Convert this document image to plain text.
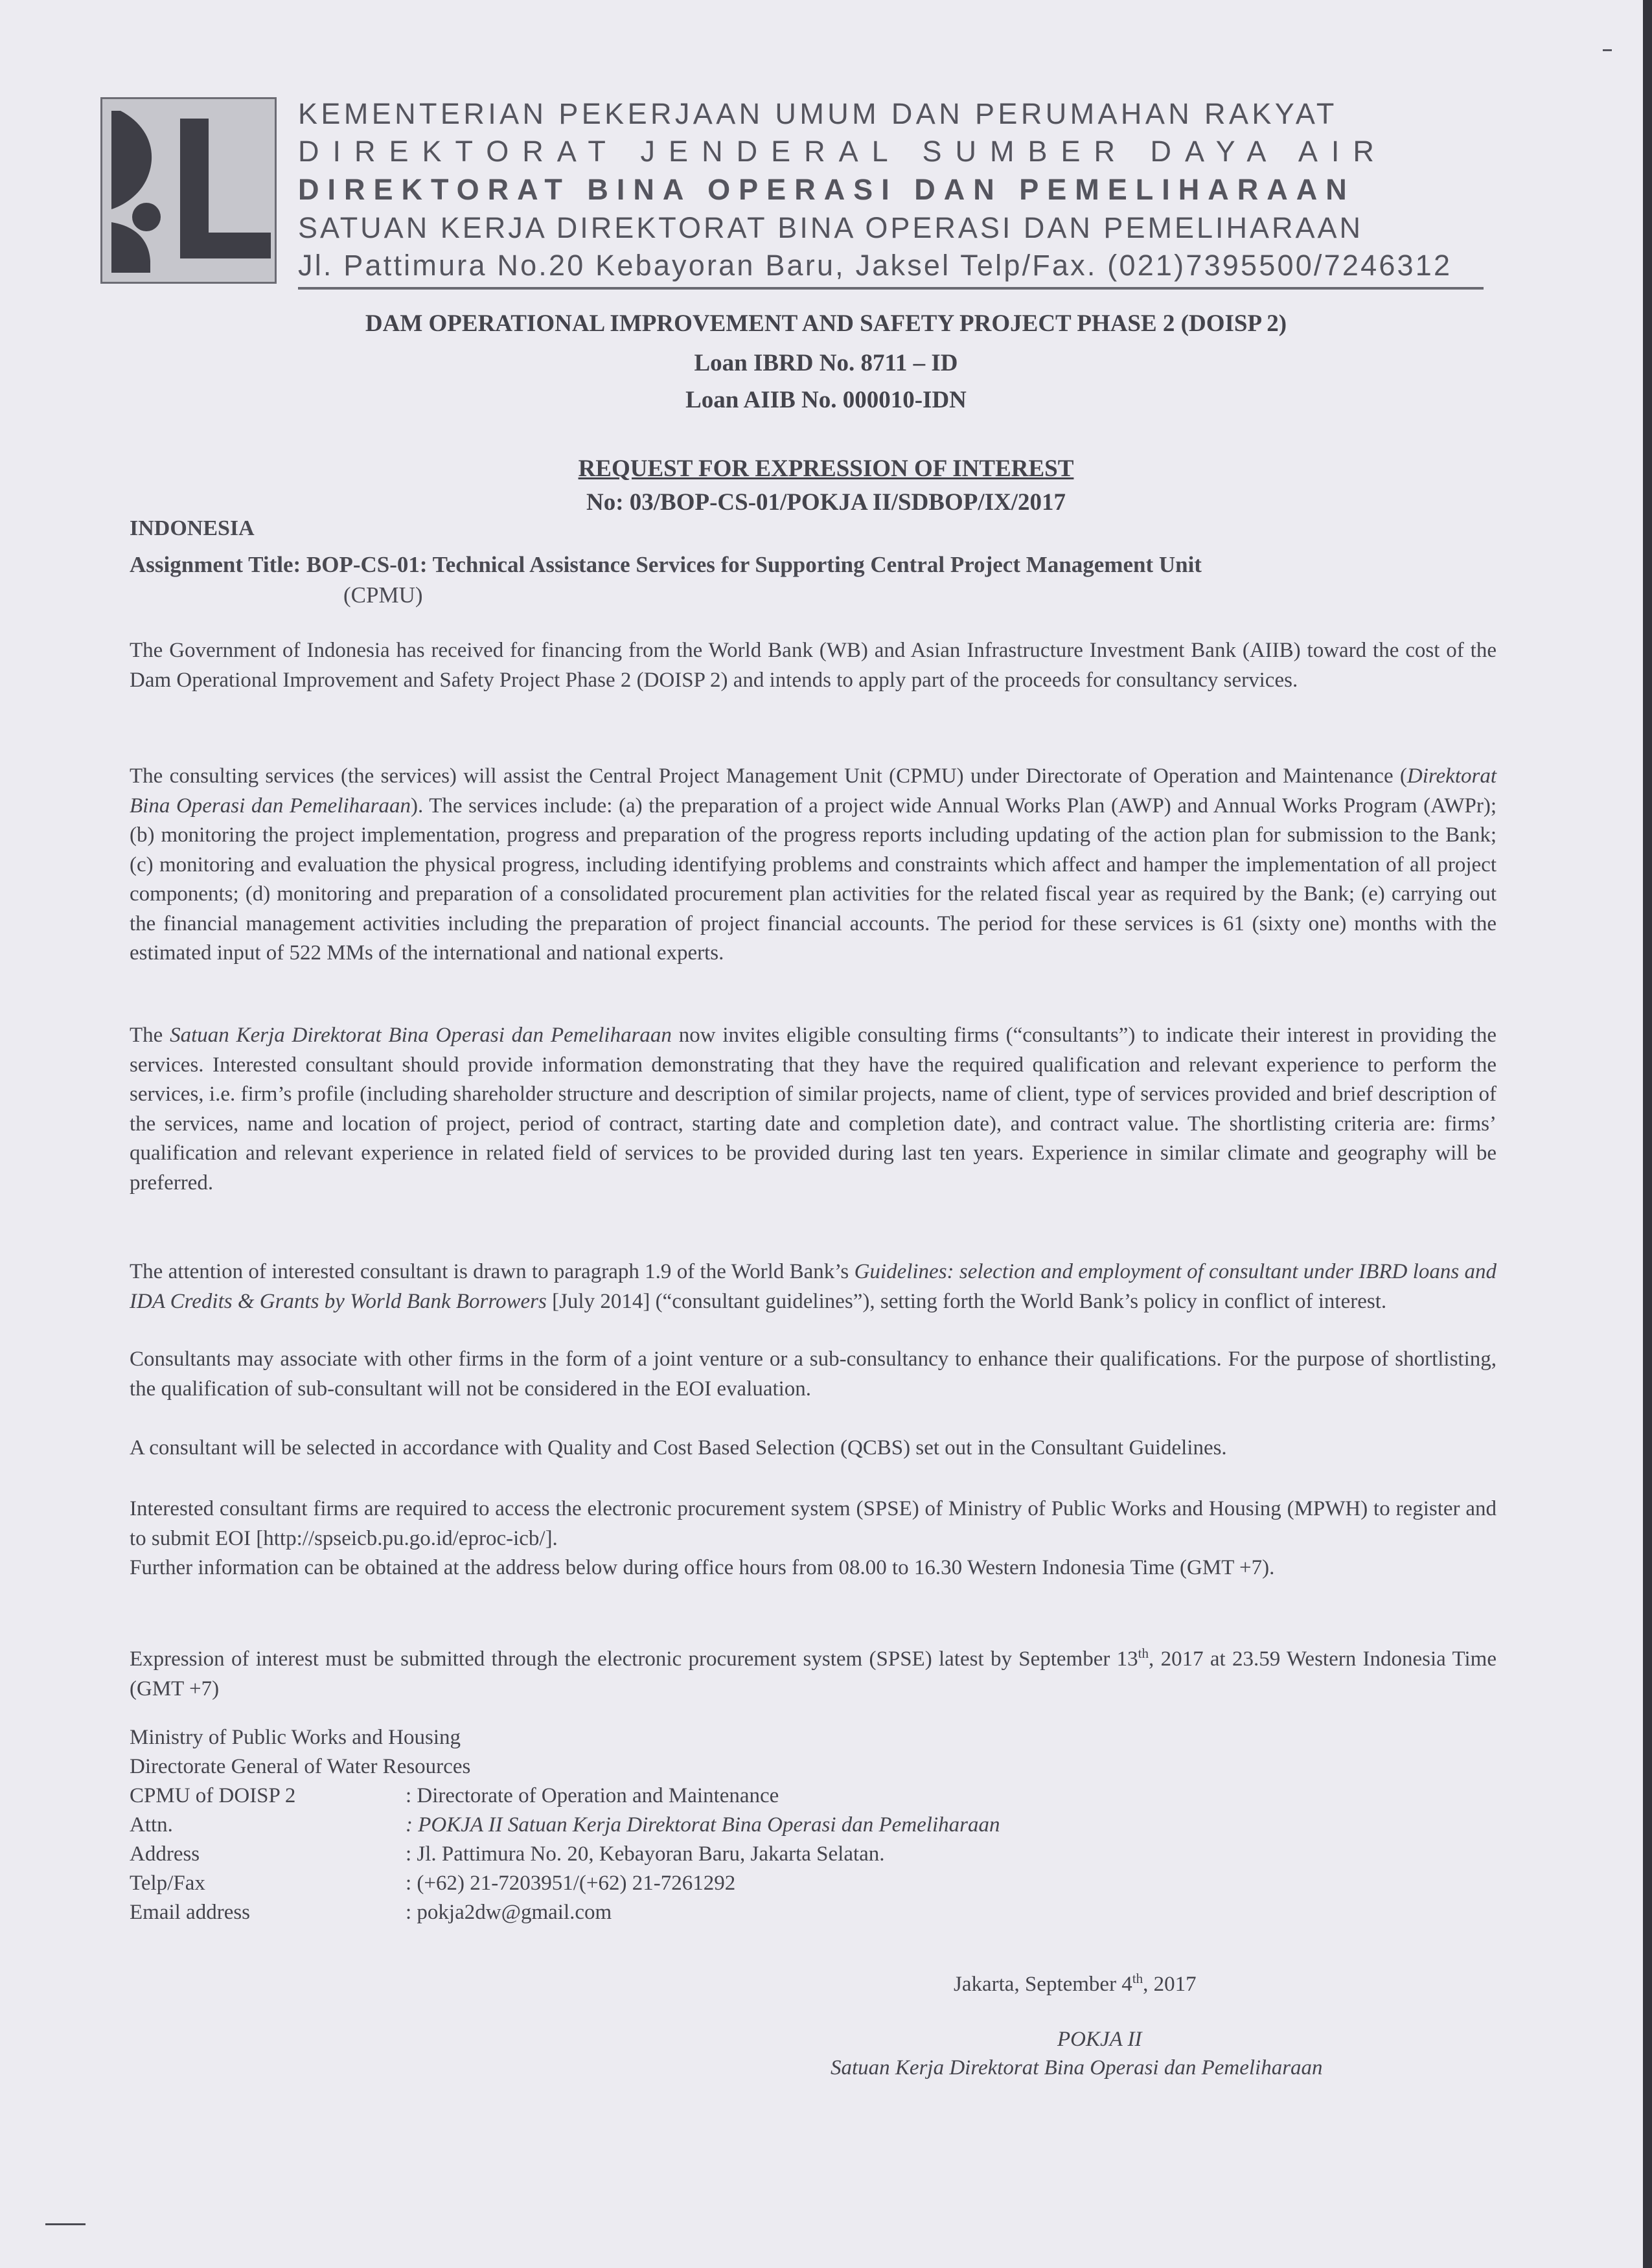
KEMENTERIAN PEKERJAAN UMUM DAN PERUMAHAN RAKYAT
DIREKTORAT JENDERAL SUMBER DAYA AIR
DIREKTORAT BINA OPERASI DAN PEMELIHARAAN
SATUAN KERJA DIREKTORAT BINA OPERASI DAN PEMELIHARAAN
Jl. Pattimura No.20 Kebayoran Baru, Jaksel Telp/Fax. (021)7395500/7246312
DAM OPERATIONAL IMPROVEMENT AND SAFETY PROJECT PHASE 2 (DOISP 2)
Loan IBRD No. 8711 – ID
Loan AIIB No. 000010-IDN
REQUEST FOR EXPRESSION OF INTEREST
No: 03/BOP-CS-01/POKJA II/SDBOP/IX/2017
INDONESIA
Assignment Title: BOP-CS-01: Technical Assistance Services for Supporting Central Project Management Unit
(CPMU)
The Government of Indonesia has received for financing from the World Bank (WB) and Asian Infrastructure Investment Bank (AIIB) toward the cost of the Dam Operational Improvement and Safety Project Phase 2 (DOISP 2) and intends to apply part of the proceeds for consultancy services.
The consulting services (the services) will assist the Central Project Management Unit (CPMU) under Directorate of Operation and Maintenance (Direktorat Bina Operasi dan Pemeliharaan). The services include: (a) the preparation of a project wide Annual Works Plan (AWP) and Annual Works Program (AWPr); (b) monitoring the project implementation, progress and preparation of the progress reports including updating of the action plan for submission to the Bank; (c) monitoring and evaluation the physical progress, including identifying problems and constraints which affect and hamper the implementation of all project components; (d) monitoring and preparation of a consolidated procurement plan activities for the related fiscal year as required by the Bank; (e) carrying out the financial management activities including the preparation of project financial accounts. The period for these services is 61 (sixty one) months with the estimated input of 522 MMs of the international and national experts.
The Satuan Kerja Direktorat Bina Operasi dan Pemeliharaan now invites eligible consulting firms (“consultants”) to indicate their interest in providing the services. Interested consultant should provide information demonstrating that they have the required qualification and relevant experience to perform the services, i.e. firm’s profile (including shareholder structure and description of similar projects, name of client, type of services provided and brief description of the services, name and location of project, period of contract, starting date and completion date), and contract value. The shortlisting criteria are: firms’ qualification and relevant experience in related field of services to be provided during last ten years. Experience in similar climate and geography will be preferred.
The attention of interested consultant is drawn to paragraph 1.9 of the World Bank’s Guidelines: selection and employment of consultant under IBRD loans and IDA Credits & Grants by World Bank Borrowers [July 2014] (“consultant guidelines”), setting forth the World Bank’s policy in conflict of interest.
Consultants may associate with other firms in the form of a joint venture or a sub-consultancy to enhance their qualifications. For the purpose of shortlisting, the qualification of sub-consultant will not be considered in the EOI evaluation.
A consultant will be selected in accordance with Quality and Cost Based Selection (QCBS) set out in the Consultant Guidelines.
Interested consultant firms are required to access the electronic procurement system (SPSE) of Ministry of Public Works and Housing (MPWH) to register and to submit EOI [http://spseicb.pu.go.id/eproc-icb/].
Further information can be obtained at the address below during office hours from 08.00 to 16.30 Western Indonesia Time (GMT +7).
Expression of interest must be submitted through the electronic procurement system (SPSE) latest by September 13th, 2017 at 23.59 Western Indonesia Time (GMT +7)
Ministry of Public Works and Housing
Directorate General of Water Resources
CPMU of DOISP 2	: Directorate of Operation and Maintenance
Attn.	: POKJA II Satuan Kerja Direktorat Bina Operasi dan Pemeliharaan
Address	: Jl. Pattimura No. 20, Kebayoran Baru, Jakarta Selatan.
Telp/Fax	: (+62) 21-7203951/(+62) 21-7261292
Email address	: pokja2dw@gmail.com
Jakarta, September 4th, 2017
POKJA II
Satuan Kerja Direktorat Bina Operasi dan Pemeliharaan
